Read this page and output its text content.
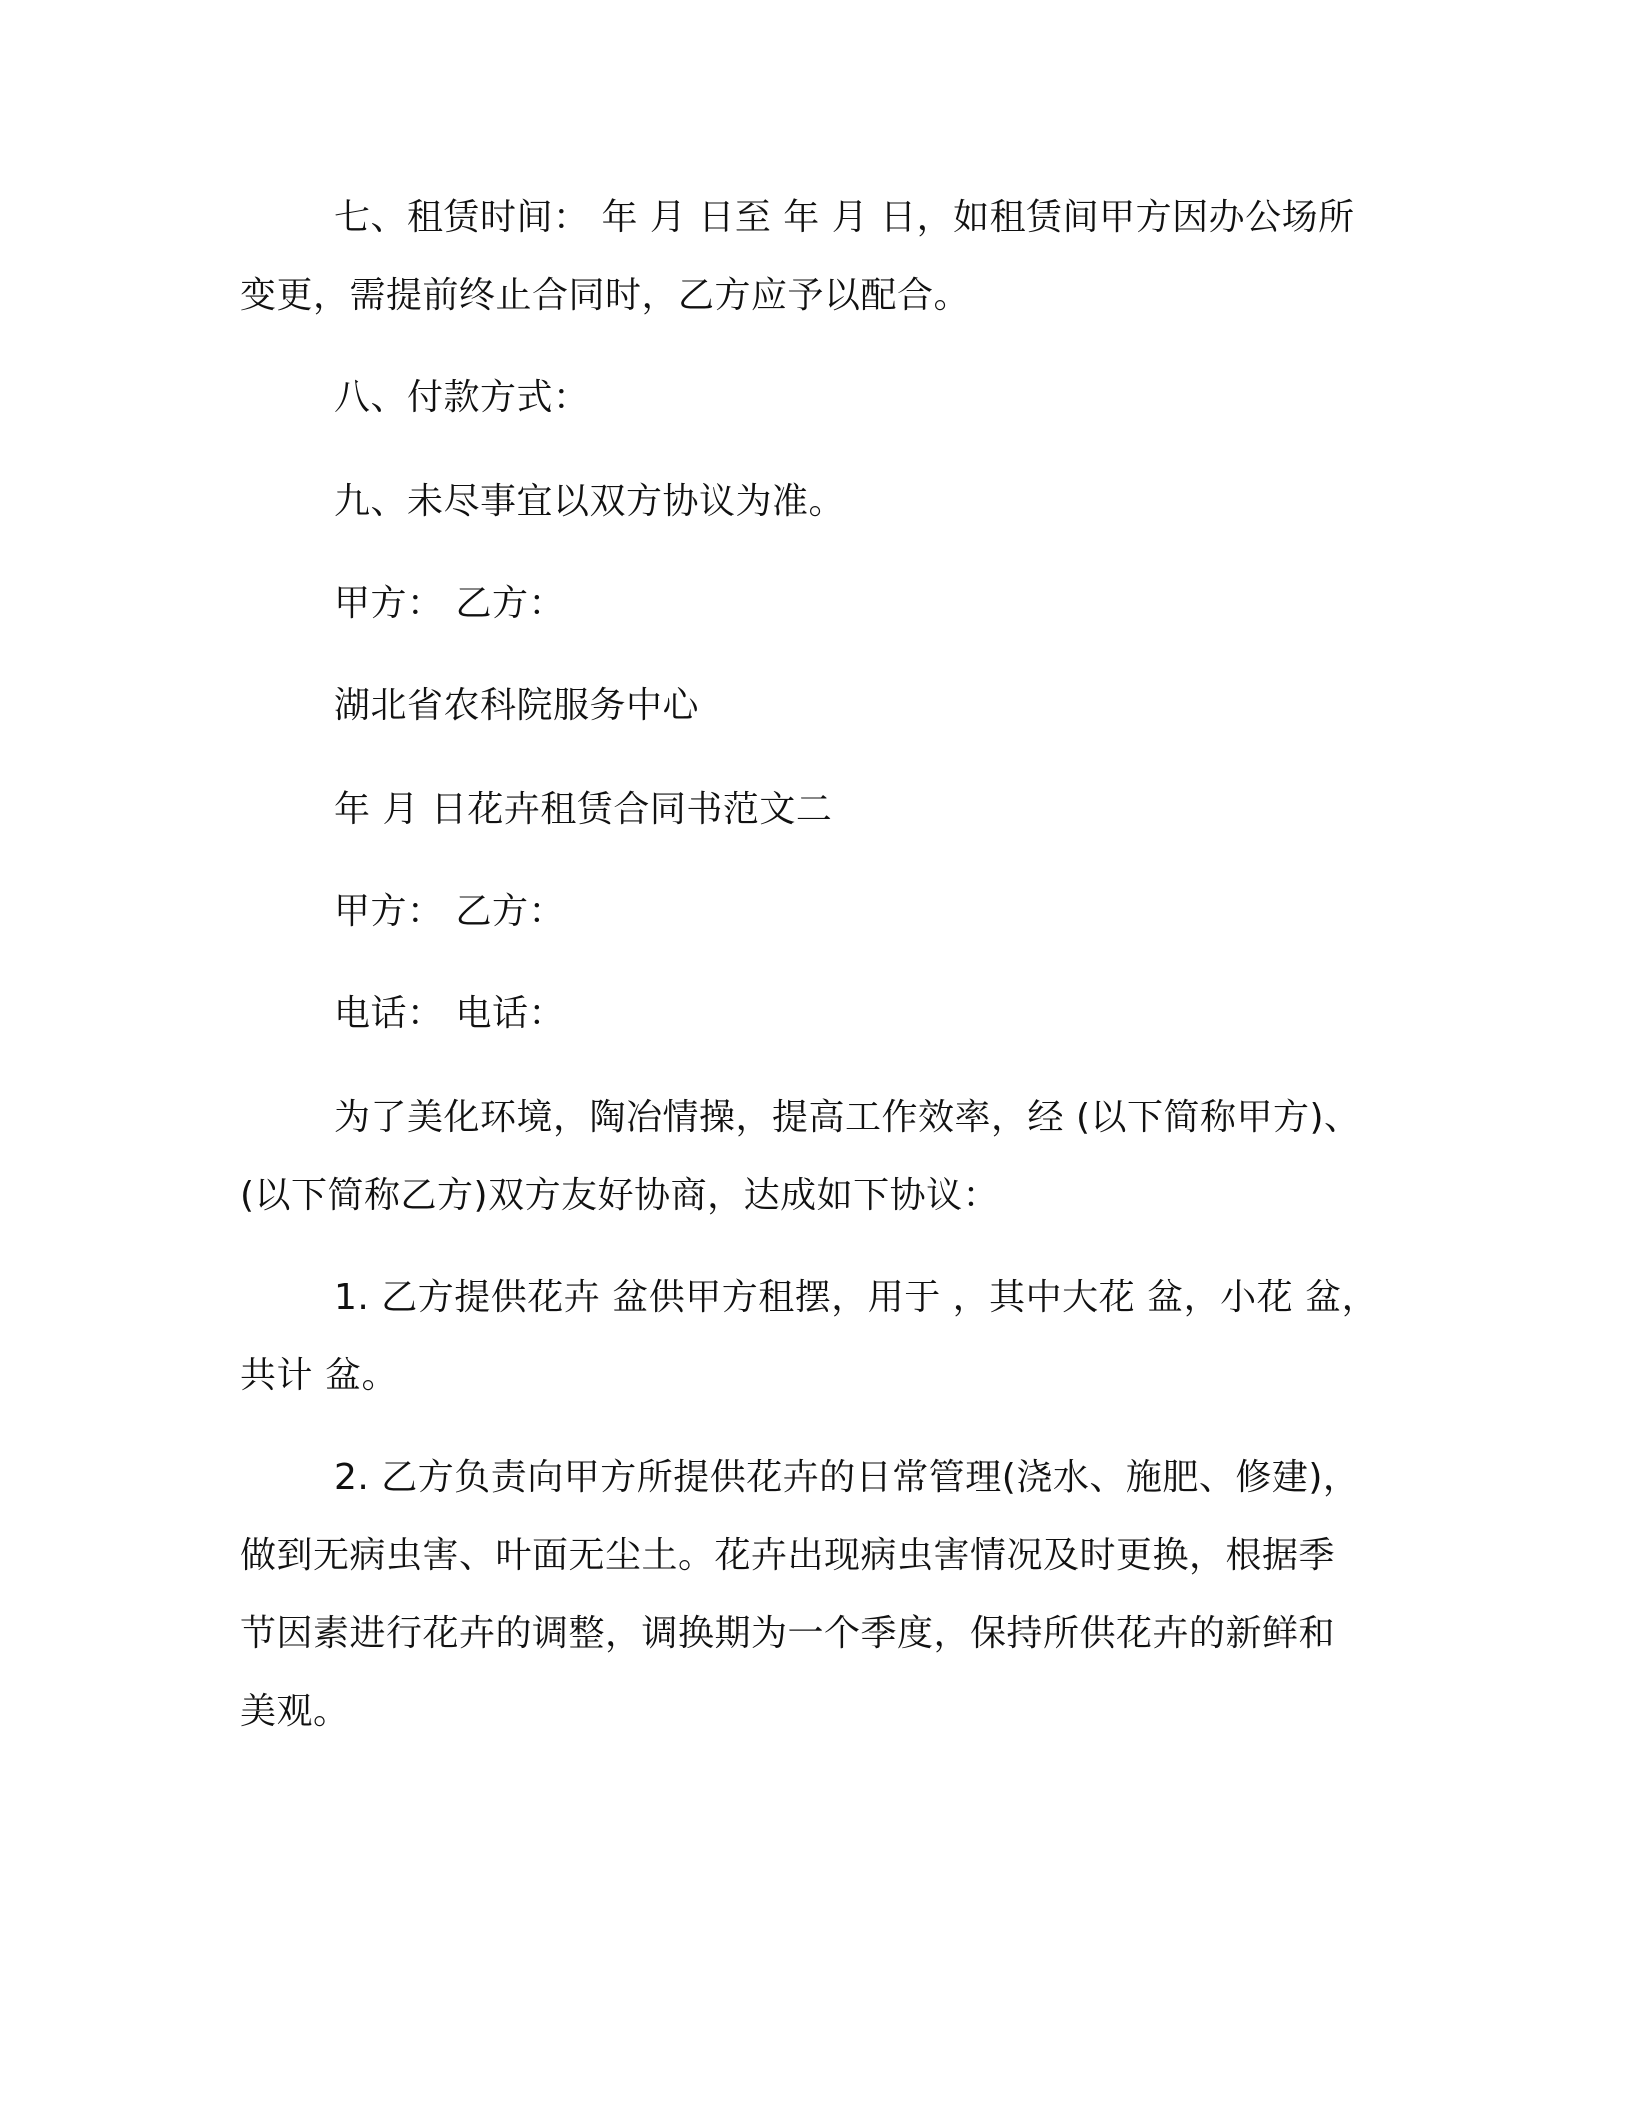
七、租赁时间： 年 月 日至 年 月 日，如租赁间甲方因办公场所
变更，需提前终止合同时，乙方应予以配合。
八、付款方式：
九、未尽事宜以双方协议为准。
甲方： 乙方：
湖北省农科院服务中心
年 月 日花卉租赁合同书范文二
甲方： 乙方：
电话： 电话：
为了美化环境，陶冶情操，提高工作效率，经 (以下简称甲方)、
(以下简称乙方)双方友好协商，达成如下协议：
1. 乙方提供花卉 盆供甲方租摆，用于 ，其中大花 盆，小花 盆，
共计 盆。
2. 乙方负责向甲方所提供花卉的日常管理(浇水、施肥、修建)，
做到无病虫害、叶面无尘土。花卉出现病虫害情况及时更换，根据季
节因素进行花卉的调整，调换期为一个季度，保持所供花卉的新鲜和
美观。
